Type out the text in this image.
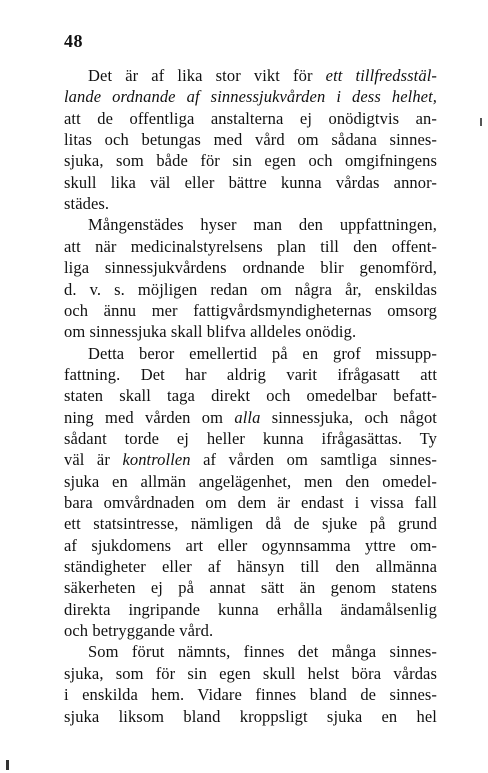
48
Det är af lika stor vikt för ett tillfredsstäl-
lande ordnande af sinnessjukvården i dess helhet,
att de offentliga anstalterna ej onödigtvis an-
litas och betungas med vård om sådana sinnes-
sjuka, som både för sin egen och omgifningens
skull lika väl eller bättre kunna vårdas annor-
städes.
Mångenstädes hyser man den uppfattningen,
att när medicinalstyrelsens plan till den offent-
liga sinnessjukvårdens ordnande blir genomförd,
d. v. s. möjligen redan om några år, enskildas
och ännu mer fattigvårdsmyndigheternas omsorg
om sinnessjuka skall blifva alldeles onödig.
Detta beror emellertid på en grof missupp-
fattning. Det har aldrig varit ifrågasatt att
staten skall taga direkt och omedelbar befatt-
ning med vården om alla sinnessjuka, och något
sådant torde ej heller kunna ifrågasättas. Ty
väl är kontrollen af vården om samtliga sinnes-
sjuka en allmän angelägenhet, men den omedel-
bara omvårdnaden om dem är endast i vissa fall
ett statsintresse, nämligen då de sjuke på grund
af sjukdomens art eller ogynnsamma yttre om-
ständigheter eller af hänsyn till den allmänna
säkerheten ej på annat sätt än genom statens
direkta ingripande kunna erhålla ändamålsenlig
och betryggande vård.
Som förut nämnts, finnes det många sinnes-
sjuka, som för sin egen skull helst böra vårdas
i enskilda hem. Vidare finnes bland de sinnes-
sjuka liksom bland kroppsligt sjuka en hel
